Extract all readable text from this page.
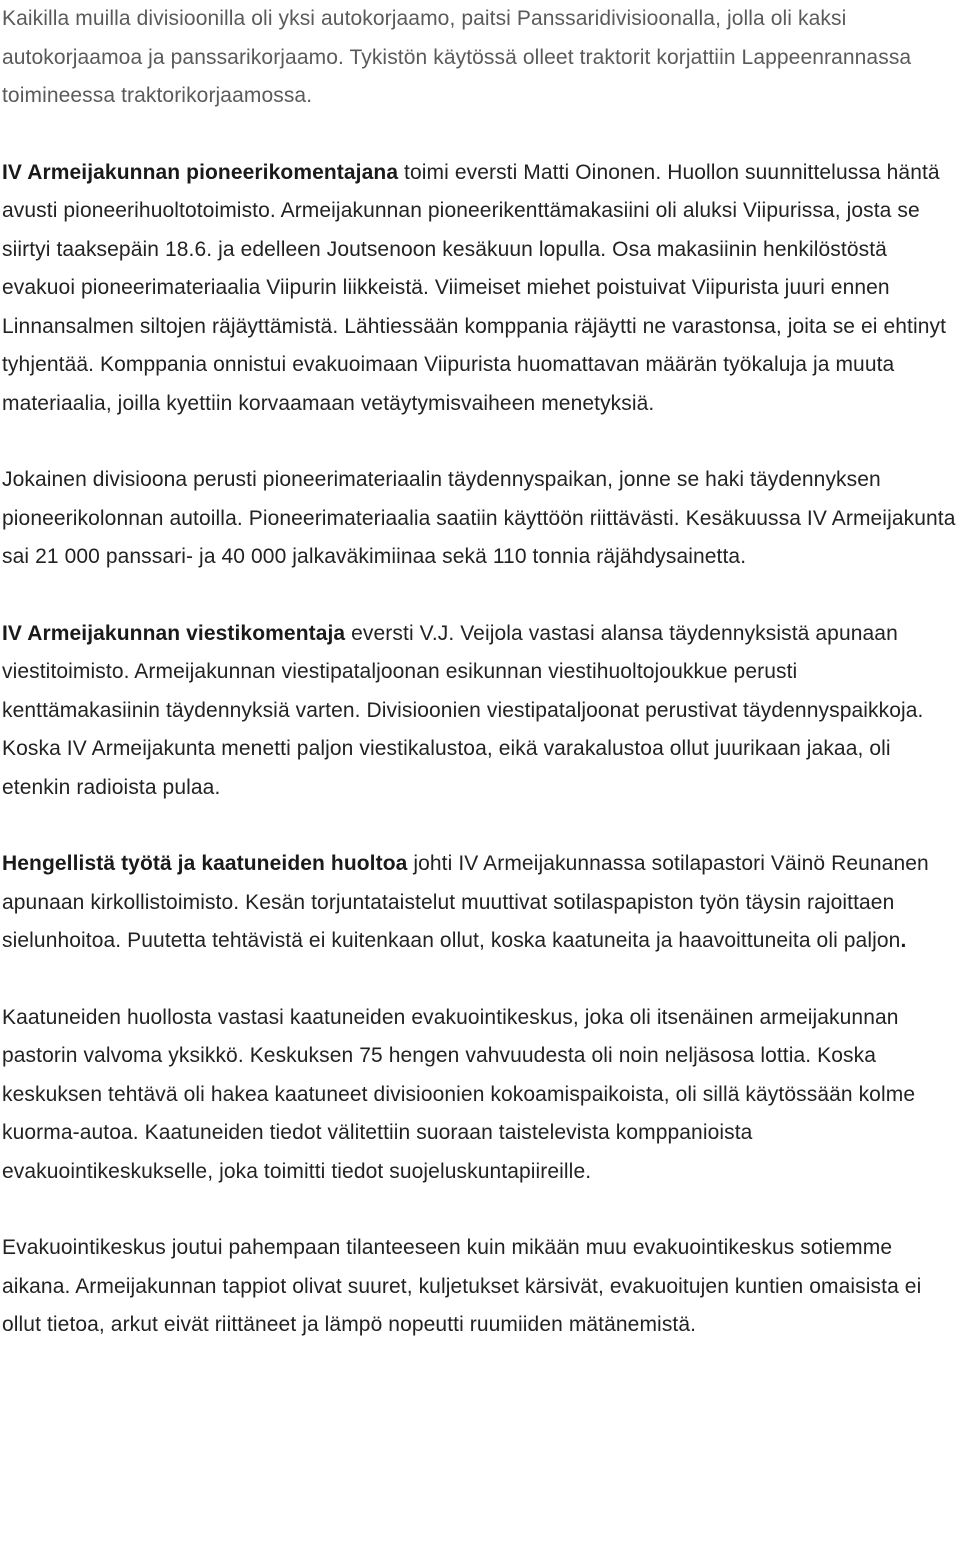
Kaikilla muilla divisioonilla oli yksi autokorjaamo, paitsi Panssaridivisioonalla, jolla oli kaksi autokorjaamoa ja panssarikorjaamo. Tykistön käytössä olleet traktorit korjattiin Lappeenrannassa toimineessa traktorikorjaamossa.

IV Armeijakunnan pioneerikomentajana toimi eversti Matti Oinonen. Huollon suunnittelussa häntä avusti pioneerihuoltotoimisto. Armeijakunnan pioneerikenttämakasiini oli aluksi Viipurissa, josta se siirtyi taaksepäin 18.6. ja edelleen Joutsenoon kesäkuun lopulla. Osa makasiinin henkilöstöstä evakuoi pioneerimateriaalia Viipurin liikkeistä. Viimeiset miehet poistuivat Viipurista juuri ennen Linnansalmen siltojen räjäyttämistä. Lähtiessään komppania räjäytti ne varastonsa, joita se ei ehtinyt tyhjentää. Komppania onnistui evakuoimaan Viipurista huomattavan määrän työkaluja ja muuta materiaalia, joilla kyettiin korvaamaan vetäytymisvaiheen menetyksiä.

Jokainen divisioona perusti pioneerimateriaalin täydennyspaikan, jonne se haki täydennyksen pioneerikolonnan autoilla. Pioneerimateriaalia saatiin käyttöön riittävästi. Kesäkuussa IV Armeijakunta sai 21 000 panssari- ja 40 000 jalkaväkimiinaa sekä 110 tonnia räjähdysainetta.

IV Armeijakunnan viestikomentaja eversti V.J. Veijola vastasi alansa täydennyksistä apunaan viestitoimisto. Armeijakunnan viestipataljoonan esikunnan viestihuoltojoukkue perusti kenttämakasiinin täydennyksiä varten. Divisioonien viestipataljoonat perustivat täydennyspaikkoja. Koska IV Armeijakunta menetti paljon viestikalustoa, eikä varakalustoa ollut juurikaan jakaa, oli etenkin radioista pulaa.

Hengellistä työtä ja kaatuneiden huoltoa johti IV Armeijakunnassa sotilapastori Väinö Reunanen apunaan kirkollistoimisto. Kesän torjuntataistelut muuttivat sotilaspapiston työn täysin rajoittaen sielunhoitoa. Puutetta tehtävistä ei kuitenkaan ollut, koska kaatuneita ja haavoittuneita oli paljon.

Kaatuneiden huollosta vastasi kaatuneiden evakuointikeskus, joka oli itsenäinen armeijakunnan pastorin valvoma yksikkö. Keskuksen 75 hengen vahvuudesta oli noin neljäsosa lottia. Koska keskuksen tehtävä oli hakea kaatuneet divisioonien kokoamispaikoista, oli sillä käytössään kolme kuorma-autoa. Kaatuneiden tiedot välitettiin suoraan taistelevista komppanioista evakuointikeskukselle, joka toimitti tiedot suojeluskuntapiireille.

Evakuointikeskus joutui pahempaan tilanteeseen kuin mikään muu evakuointikeskus sotiemme aikana. Armeijakunnan tappiot olivat suuret, kuljetukset kärsivät, evakuoitujen kuntien omaisista ei ollut tietoa, arkut eivät riittäneet ja lämpö nopeutti ruumiiden mätänemistä.
